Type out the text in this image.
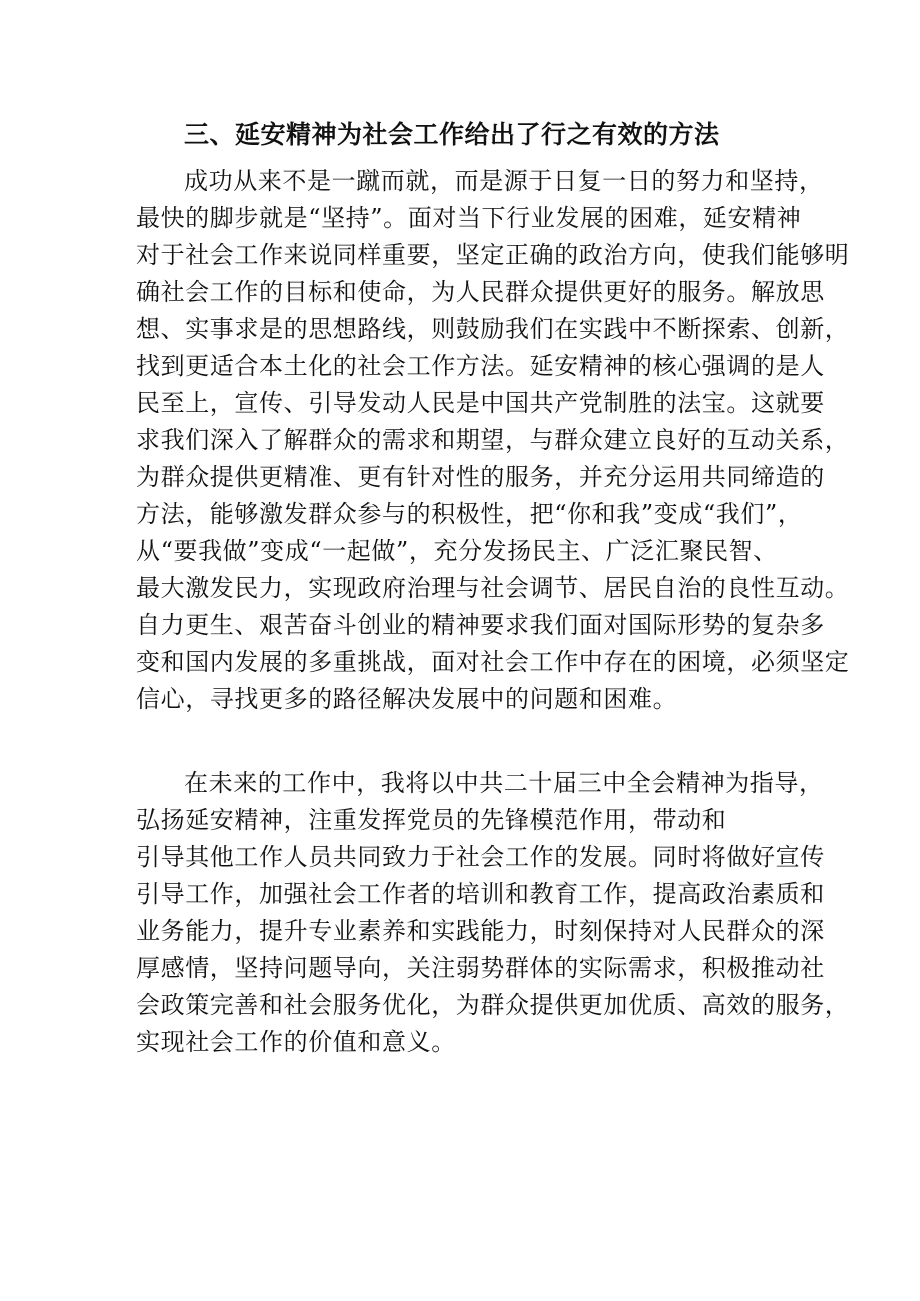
三、延安精神为社会工作给出了行之有效的方法
成功从来不是一蹴而就，而是源于日复一日的努力和坚持，
最快的脚步就是“坚持”。面对当下行业发展的困难，延安精神
对于社会工作来说同样重要，坚定正确的政治方向，使我们能够明
确社会工作的目标和使命，为人民群众提供更好的服务。解放思
想、实事求是的思想路线，则鼓励我们在实践中不断探索、创新，
找到更适合本土化的社会工作方法。延安精神的核心强调的是人
民至上，宣传、引导发动人民是中国共产党制胜的法宝。这就要
求我们深入了解群众的需求和期望，与群众建立良好的互动关系，
为群众提供更精准、更有针对性的服务，并充分运用共同缔造的
方法，能够激发群众参与的积极性，把“你和我”变成“我们”，
从“要我做”变成“一起做”，充分发扬民主、广泛汇聚民智、
最大激发民力，实现政府治理与社会调节、居民自治的良性互动。
自力更生、艰苦奋斗创业的精神要求我们面对国际形势的复杂多
变和国内发展的多重挑战，面对社会工作中存在的困境，必须坚定
信心，寻找更多的路径解决发展中的问题和困难。
在未来的工作中，我将以中共二十届三中全会精神为指导，
弘扬延安精神，注重发挥党员的先锋模范作用，带动和
引导其他工作人员共同致力于社会工作的发展。同时将做好宣传
引导工作，加强社会工作者的培训和教育工作，提高政治素质和
业务能力，提升专业素养和实践能力，时刻保持对人民群众的深
厚感情，坚持问题导向，关注弱势群体的实际需求，积极推动社
会政策完善和社会服务优化，为群众提供更加优质、高效的服务，
实现社会工作的价值和意义。
